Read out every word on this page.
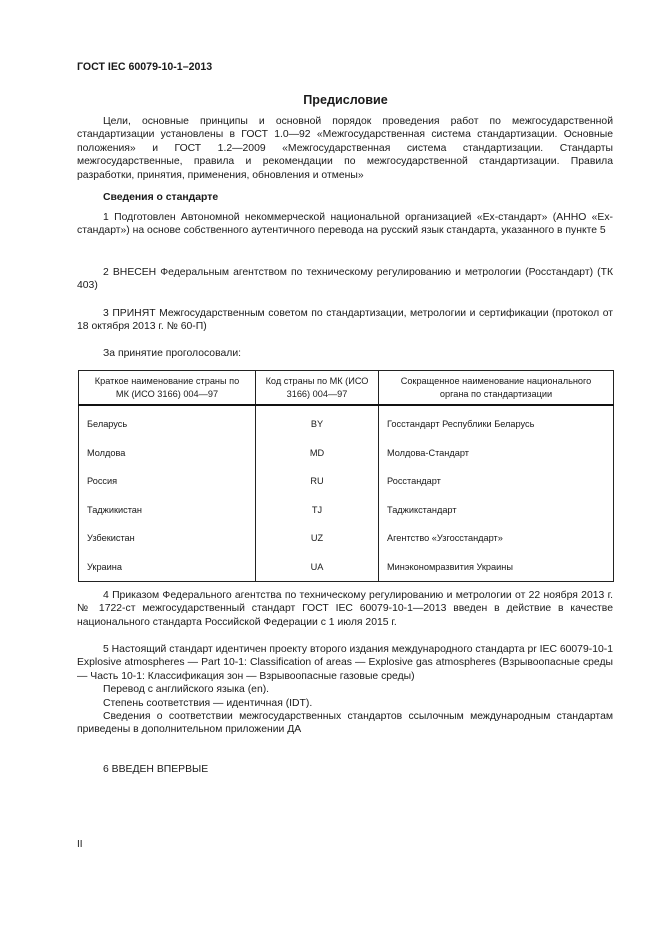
ГОСТ IEC 60079-10-1–2013
Предисловие
Цели, основные принципы и основной порядок проведения работ по межгосударственной стандартизации установлены в ГОСТ 1.0—92 «Межгосударственная система стандартизации. Основные положения» и ГОСТ 1.2—2009 «Межгосударственная система стандартизации. Стандарты межгосударственные, правила и рекомендации по межгосударственной стандартизации. Правила разработки, принятия, применения, обновления и отмены»
Сведения о стандарте
1 Подготовлен Автономной некоммерческой национальной организацией «Ех-стандарт» (АННО «Ех-стандарт») на основе собственного аутентичного перевода на русский язык стандарта, указанного в пункте 5
2 ВНЕСЕН Федеральным агентством по техническому регулированию и метрологии (Росстандарт) (ТК 403)
3 ПРИНЯТ Межгосударственным советом по стандартизации, метрологии и сертификации (протокол от 18 октября 2013 г. № 60-П)
За принятие проголосовали:
Краткое наименование страны по МК (ИСО 3166) 004—97	Код страны по МК (ИСО 3166) 004—97	Сокращенное наименование национального органа по стандартизации
Беларусь	BY	Госстандарт Республики Беларусь
Молдова	MD	Молдова-Стандарт
Россия	RU	Росстандарт
Таджикистан	TJ	Таджикстандарт
Узбекистан	UZ	Агентство «Узгосстандарт»
Украина	UA	Минэкономразвития Украины
4 Приказом Федерального агентства по техническому регулированию и метрологии от 22 ноября 2013 г. № 1722-ст межгосударственный стандарт ГОСТ IEC 60079-10-1—2013 введен в действие в качестве национального стандарта Российской Федерации с 1 июля 2015 г.
5 Настоящий стандарт идентичен проекту второго издания международного стандарта pr IEC 60079-10-1 Explosive atmospheres — Part 10-1: Classification of areas — Explosive gas atmospheres (Взрывоопасные среды — Часть 10-1: Классификация зон — Взрывоопасные газовые среды)
Перевод с английского языка (en).
Степень соответствия — идентичная (IDT).
Сведения о соответствии межгосударственных стандартов ссылочным международным стандартам приведены в дополнительном приложении ДА
6 ВВЕДЕН ВПЕРВЫЕ
II
